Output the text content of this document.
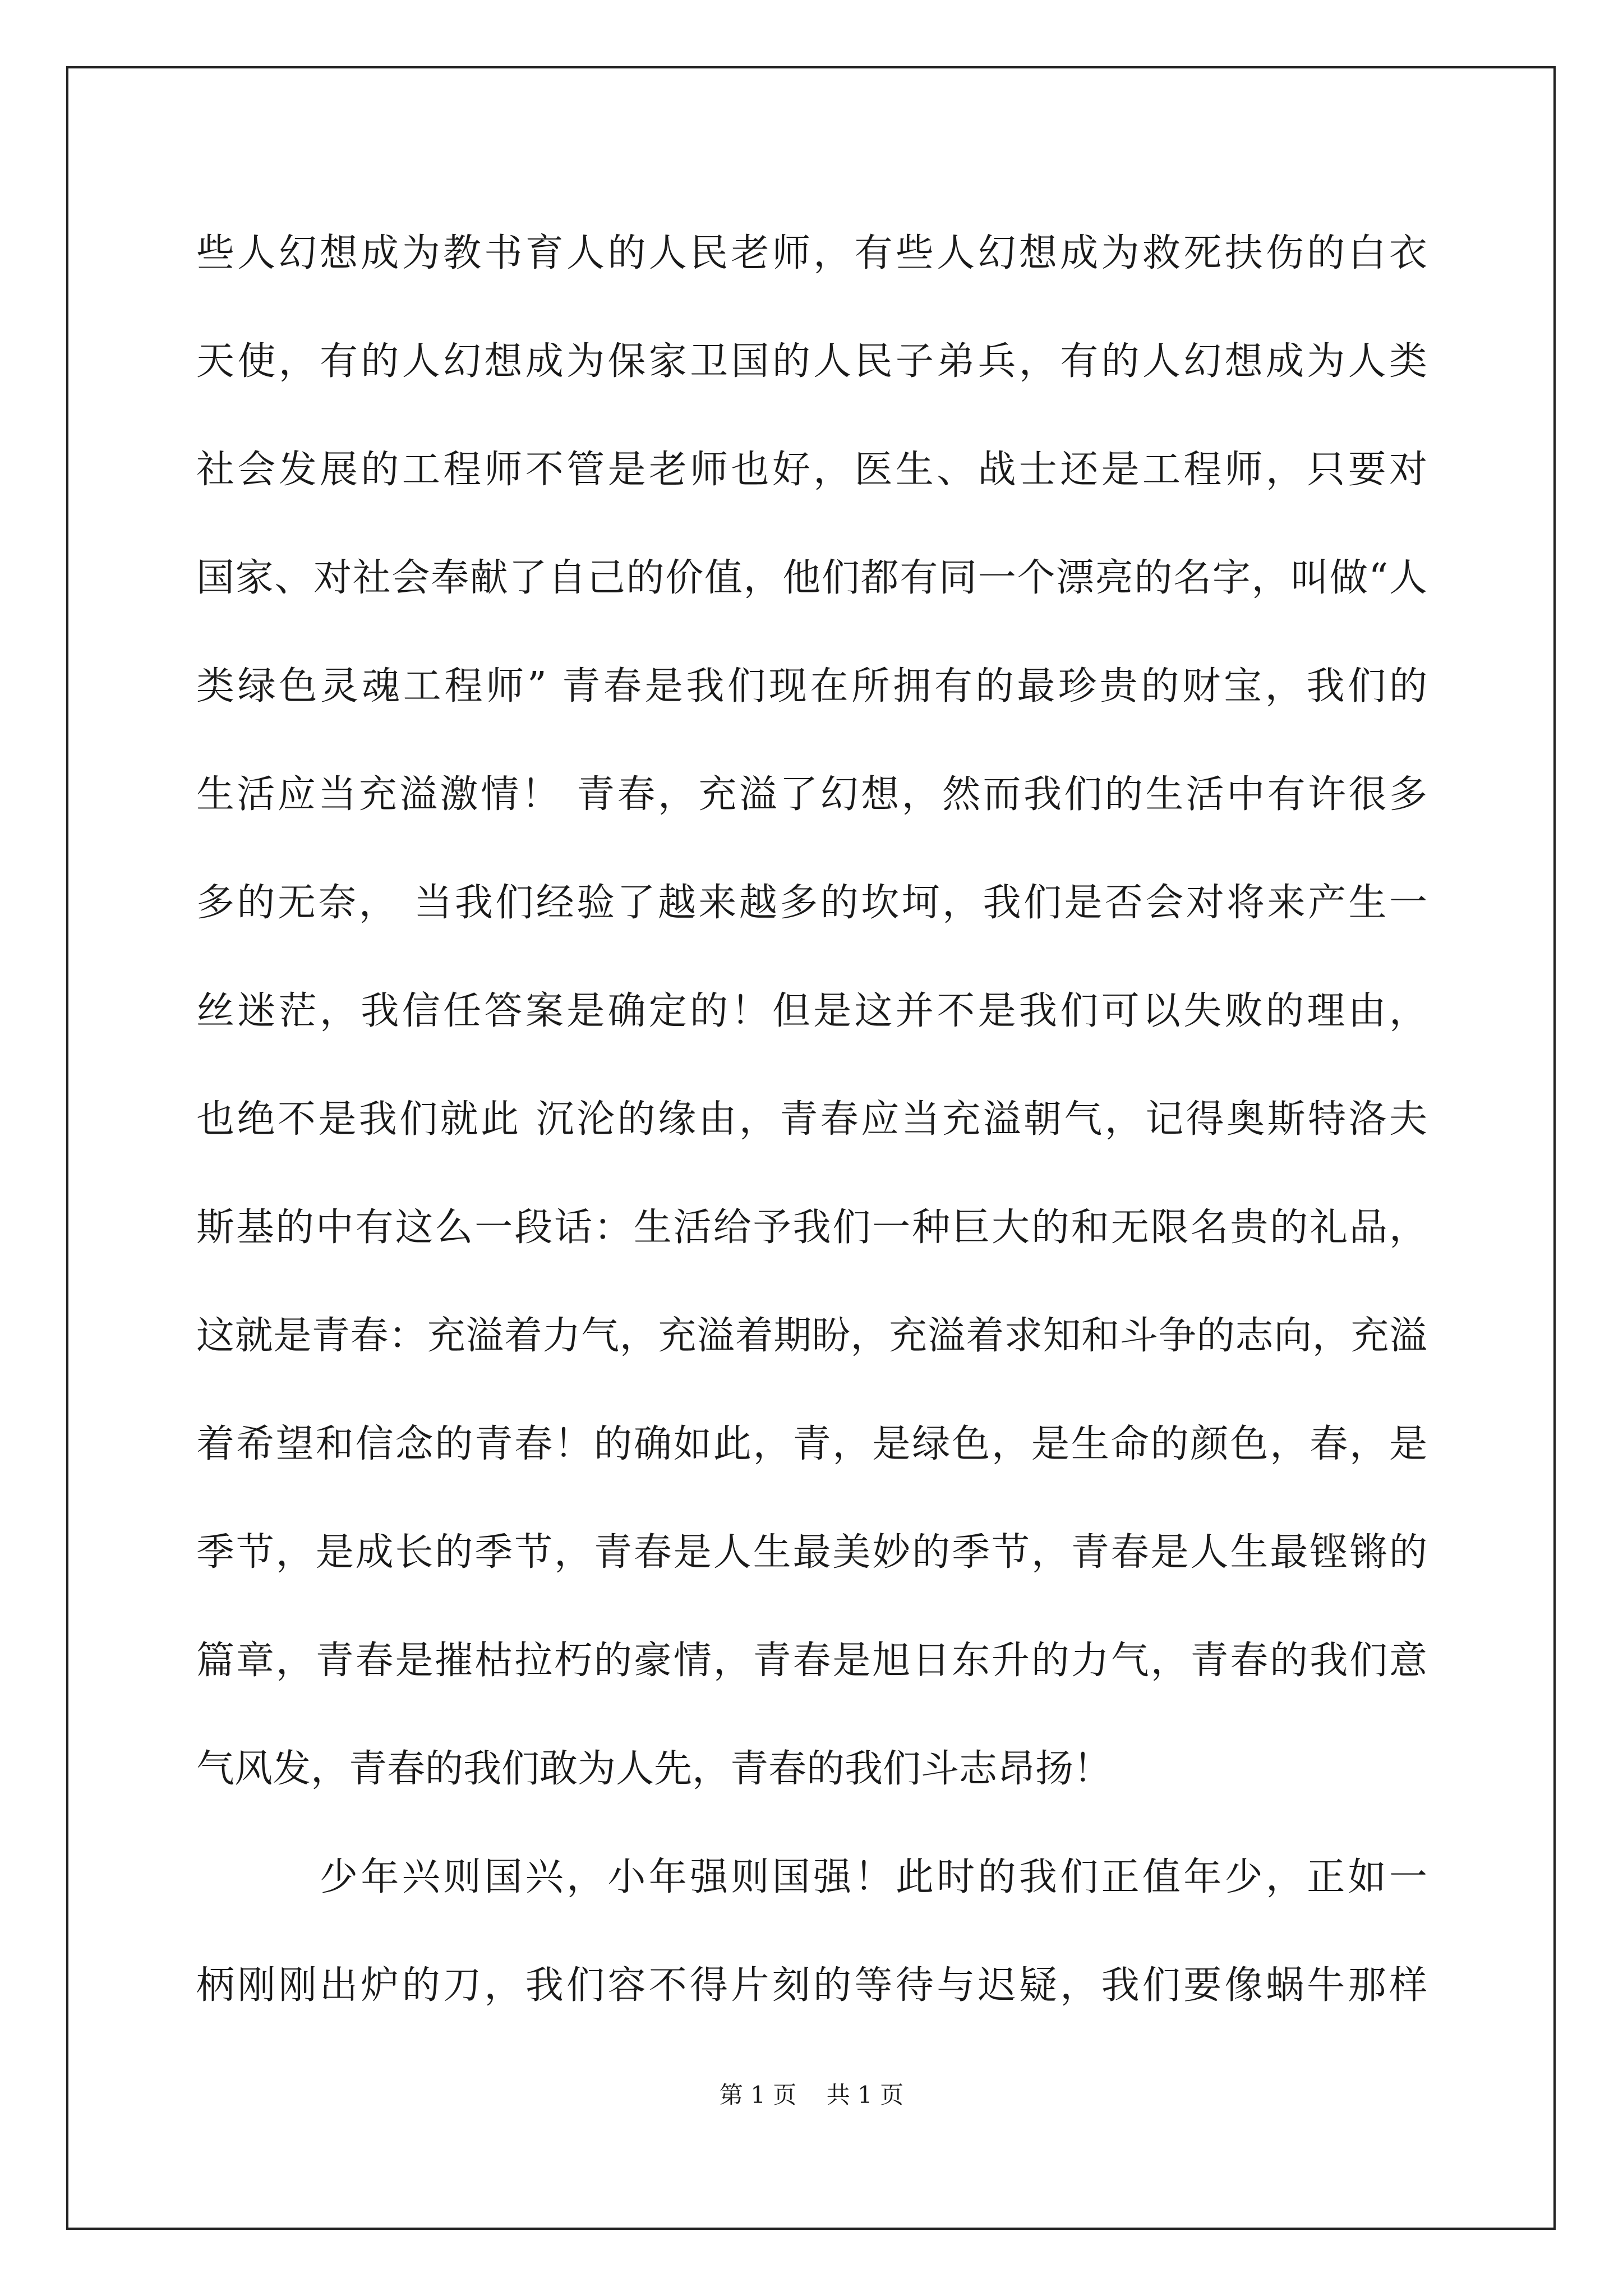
些人幻想成为教书育人的人民老师，有些人幻想成为救死扶伤的白衣
天使，有的人幻想成为保家卫国的人民子弟兵，有的人幻想成为人类
社会发展的工程师不管是老师也好，医生、战士还是工程师，只要对
国家、对社会奉献了自己的价值，他们都有同一个漂亮的名字，叫做“人
类绿色灵魂工程师” 青春是我们现在所拥有的最珍贵的财宝，我们的
生活应当充溢激情！ 青春，充溢了幻想，然而我们的生活中有许很多
多的无奈， 当我们经验了越来越多的坎坷，我们是否会对将来产生一
丝迷茫，我信任答案是确定的！但是这并不是我们可以失败的理由，
也绝不是我们就此 沉沦的缘由，青春应当充溢朝气，记得奥斯特洛夫
斯基的中有这么一段话：生活给予我们一种巨大的和无限名贵的礼品，
这就是青春：充溢着力气，充溢着期盼，充溢着求知和斗争的志向，充溢
着希望和信念的青春！的确如此，青，是绿色，是生命的颜色，春，是
季节，是成长的季节，青春是人生最美妙的季节，青春是人生最铿锵的
篇章，青春是摧枯拉朽的豪情，青春是旭日东升的力气，青春的我们意
气风发，青春的我们敢为人先，青春的我们斗志昂扬！
少年兴则国兴，小年强则国强！此时的我们正值年少，正如一
柄刚刚出炉的刀，我们容不得片刻的等待与迟疑，我们要像蜗牛那样
第 1 页    共 1 页
